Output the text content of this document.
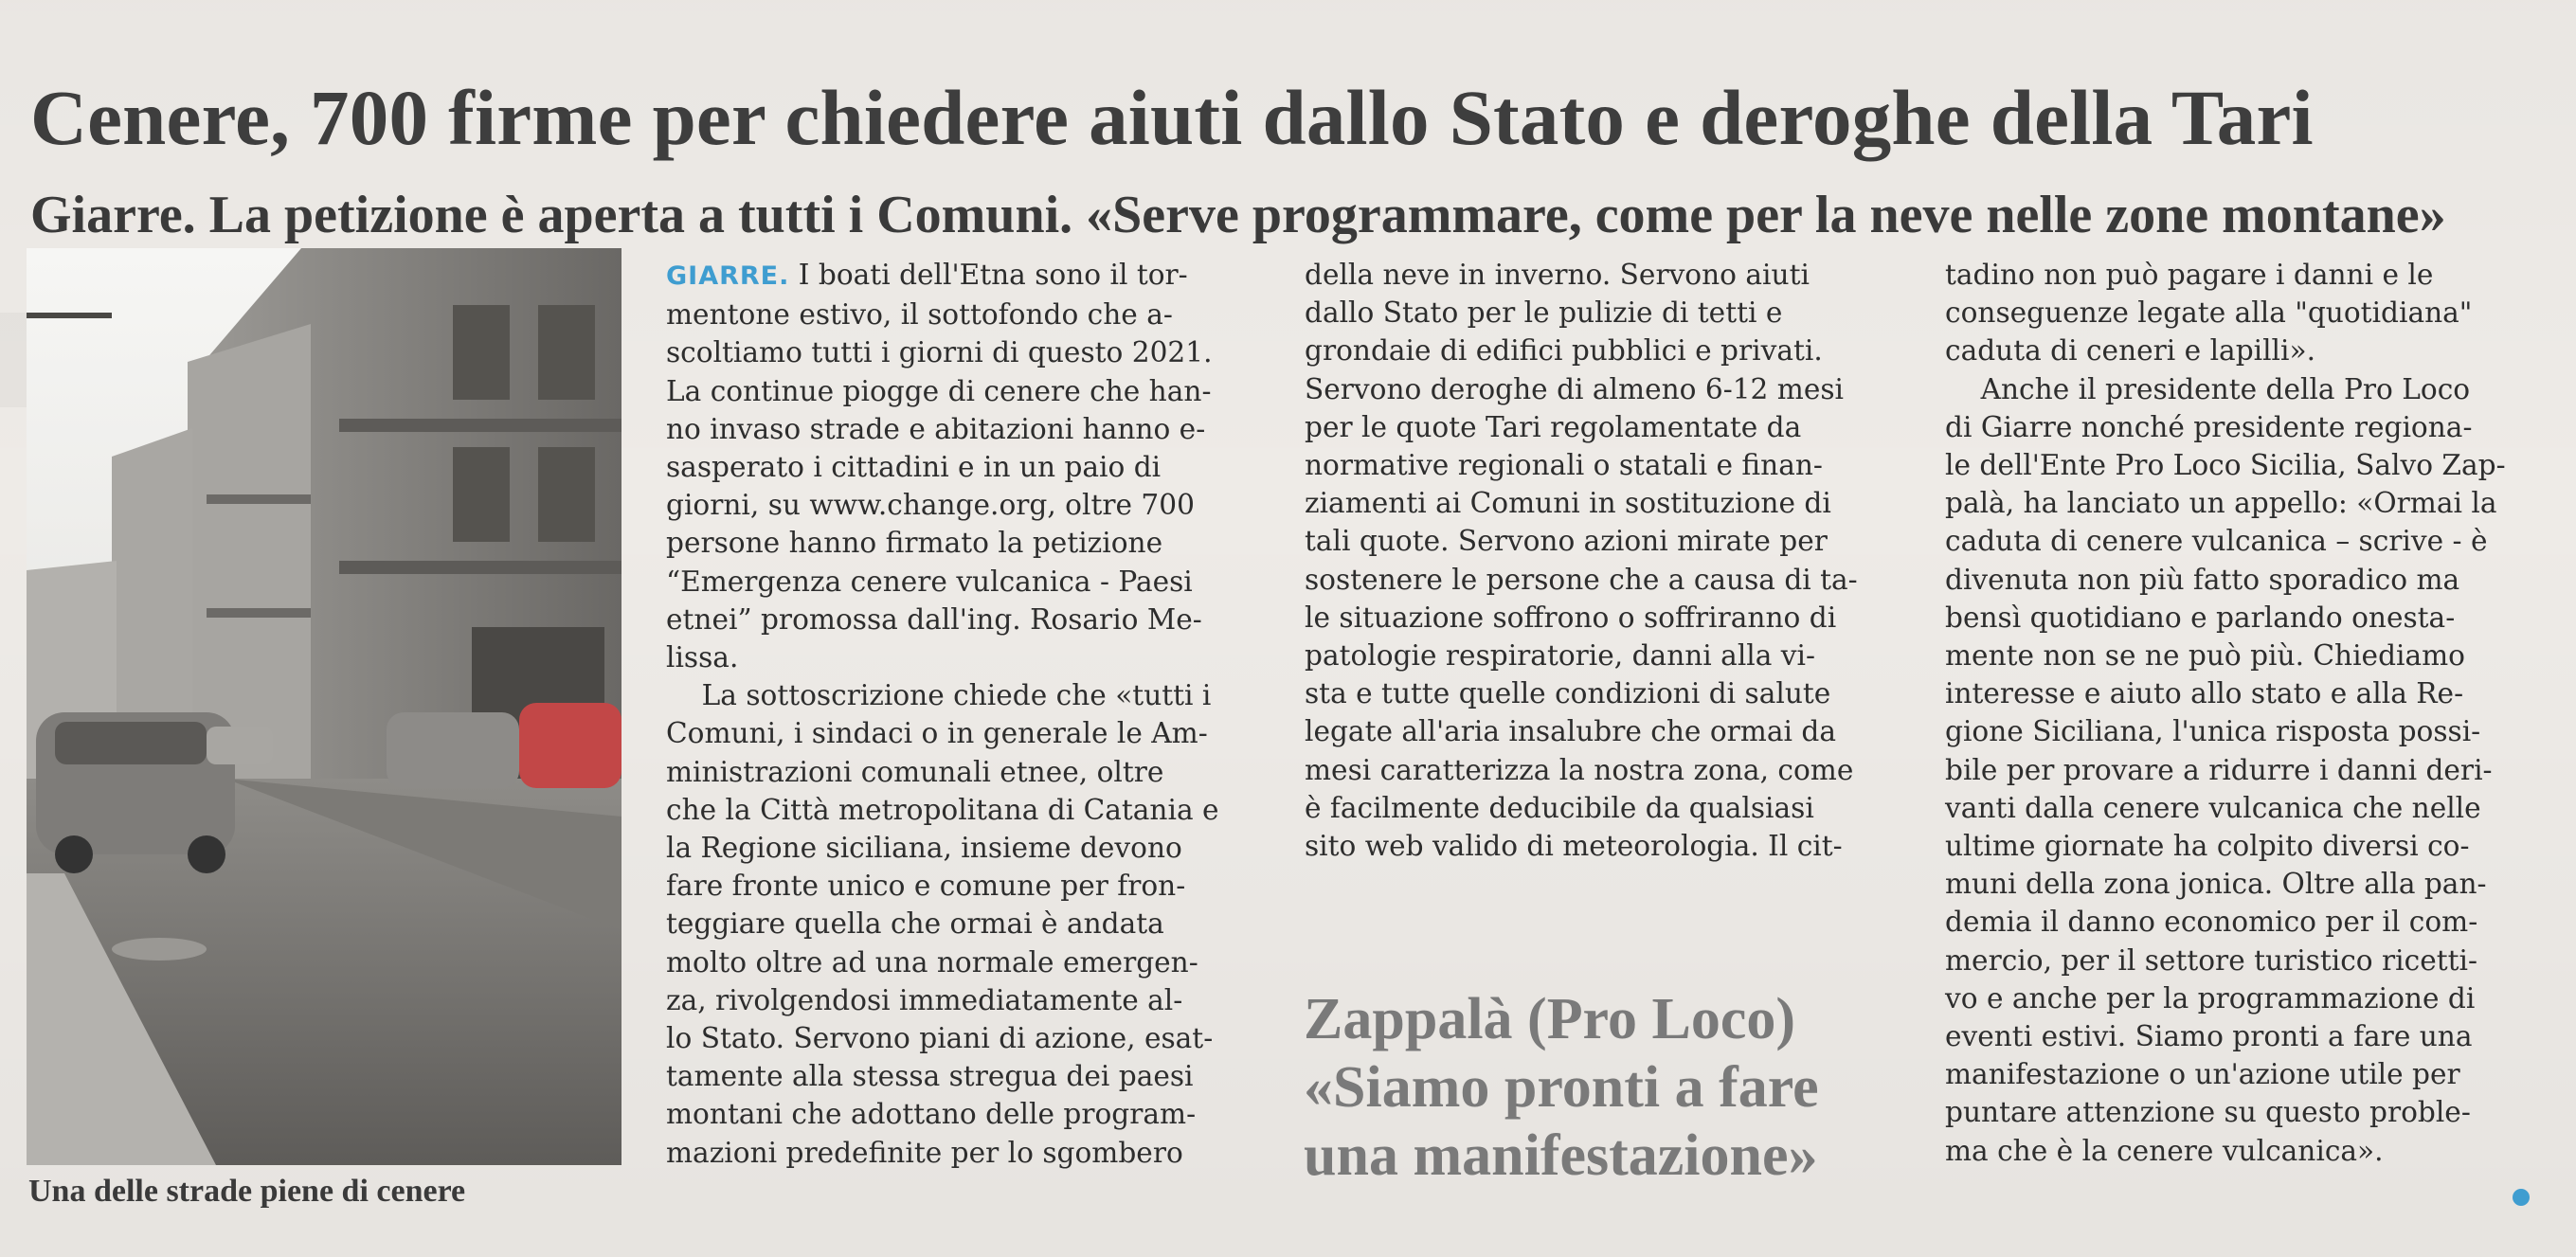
Cenere, 700 firme per chiedere aiuti dallo Stato e deroghe della Tari
Giarre. La petizione è aperta a tutti i Comuni. «Serve programmare, come per la neve nelle zone montane»
Una delle strade piene di cenere
GIARRE. I boati dell'Etna sono il tor-
mentone estivo, il sottofondo che a-
scoltiamo tutti i giorni di questo 2021.
La continue piogge di cenere che han-
no invaso strade e abitazioni hanno e-
sasperato i cittadini e in un paio di
giorni, su www.change.org, oltre 700
persone hanno firmato la petizione
“Emergenza cenere vulcanica - Paesi
etnei” promossa dall'ing. Rosario Me-
lissa.
La sottoscrizione chiede che «tutti i
Comuni, i sindaci o in generale le Am-
ministrazioni comunali etnee, oltre
che la Città metropolitana di Catania e
la Regione siciliana, insieme devono
fare fronte unico e comune per fron-
teggiare quella che ormai è andata
molto oltre ad una normale emergen-
za, rivolgendosi immediatamente al-
lo Stato. Servono piani di azione, esat-
tamente alla stessa stregua dei paesi
montani che adottano delle program-
mazioni predefinite per lo sgombero
della neve in inverno. Servono aiuti
dallo Stato per le pulizie di tetti e
grondaie di edifici pubblici e privati.
Servono deroghe di almeno 6-12 mesi
per le quote Tari regolamentate da
normative regionali o statali e finan-
ziamenti ai Comuni in sostituzione di
tali quote. Servono azioni mirate per
sostenere le persone che a causa di ta-
le situazione soffrono o soffriranno di
patologie respiratorie, danni alla vi-
sta e tutte quelle condizioni di salute
legate all'aria insalubre che ormai da
mesi caratterizza la nostra zona, come
è facilmente deducibile da qualsiasi
sito web valido di meteorologia. Il cit-
Zappalà (Pro Loco)
«Siamo pronti a fare
una manifestazione»
tadino non può pagare i danni e le
conseguenze legate alla "quotidiana"
caduta di ceneri e lapilli».
Anche il presidente della Pro Loco
di Giarre nonché presidente regiona-
le dell'Ente Pro Loco Sicilia, Salvo Zap-
palà, ha lanciato un appello: «Ormai la
caduta di cenere vulcanica – scrive - è
divenuta non più fatto sporadico ma
bensì quotidiano e parlando onesta-
mente non se ne può più. Chiediamo
interesse e aiuto allo stato e alla Re-
gione Siciliana, l'unica risposta possi-
bile per provare a ridurre i danni deri-
vanti dalla cenere vulcanica che nelle
ultime giornate ha colpito diversi co-
muni della zona jonica. Oltre alla pan-
demia il danno economico per il com-
mercio, per il settore turistico ricetti-
vo e anche per la programmazione di
eventi estivi. Siamo pronti a fare una
manifestazione o un'azione utile per
puntare attenzione su questo proble-
ma che è la cenere vulcanica».
